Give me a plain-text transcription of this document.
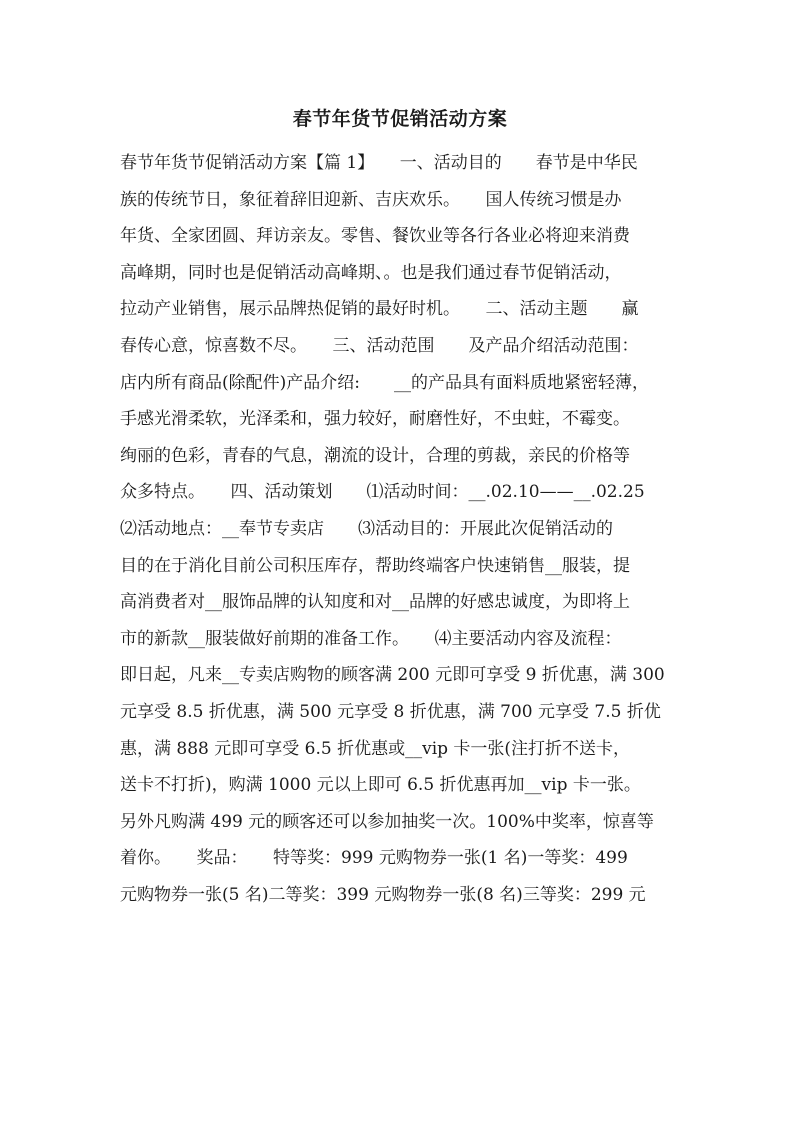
春节年货节促销活动方案
春节年货节促销活动方案【篇 1】　　一、活动目的　　春节是中华民
族的传统节日，象征着辞旧迎新、吉庆欢乐。　　国人传统习惯是办
年货、全家团圆、拜访亲友。零售、餐饮业等各行各业必将迎来消费
高峰期，同时也是促销活动高峰期、。也是我们通过春节促销活动，
拉动产业销售，展示品牌热促销的最好时机。　　二、活动主题　　赢
春传心意，惊喜数不尽。　　三、活动范围　　及产品介绍活动范围：
店内所有商品(除配件)产品介绍:　　__的产品具有面料质地紧密轻薄，
手感光滑柔软，光泽柔和，强力较好，耐磨性好，不虫蛀，不霉变。
绚丽的色彩，青春的气息，潮流的设计，合理的剪裁，亲民的价格等
众多特点。　　四、活动策划　　⑴活动时间：__.02.10——__.02.25
⑵活动地点：__奉节专卖店　　⑶活动目的：开展此次促销活动的
目的在于消化目前公司积压库存，帮助终端客户快速销售__服装，提
高消费者对__服饰品牌的认知度和对__品牌的好感忠诚度，为即将上
市的新款__服装做好前期的准备工作。　　⑷主要活动内容及流程：
即日起，凡来__专卖店购物的顾客满 200 元即可享受 9 折优惠，满 300
元享受 8.5 折优惠，满 500 元享受 8 折优惠，满 700 元享受 7.5 折优
惠，满 888 元即可享受 6.5 折优惠或__vip 卡一张(注打折不送卡，
送卡不打折)，购满 1000 元以上即可 6.5 折优惠再加__vip 卡一张。
另外凡购满 499 元的顾客还可以参加抽奖一次。100%中奖率，惊喜等
着你。　　奖品：　　特等奖：999 元购物券一张(1 名)一等奖：499
元购物券一张(5 名)二等奖：399 元购物券一张(8 名)三等奖：299 元
